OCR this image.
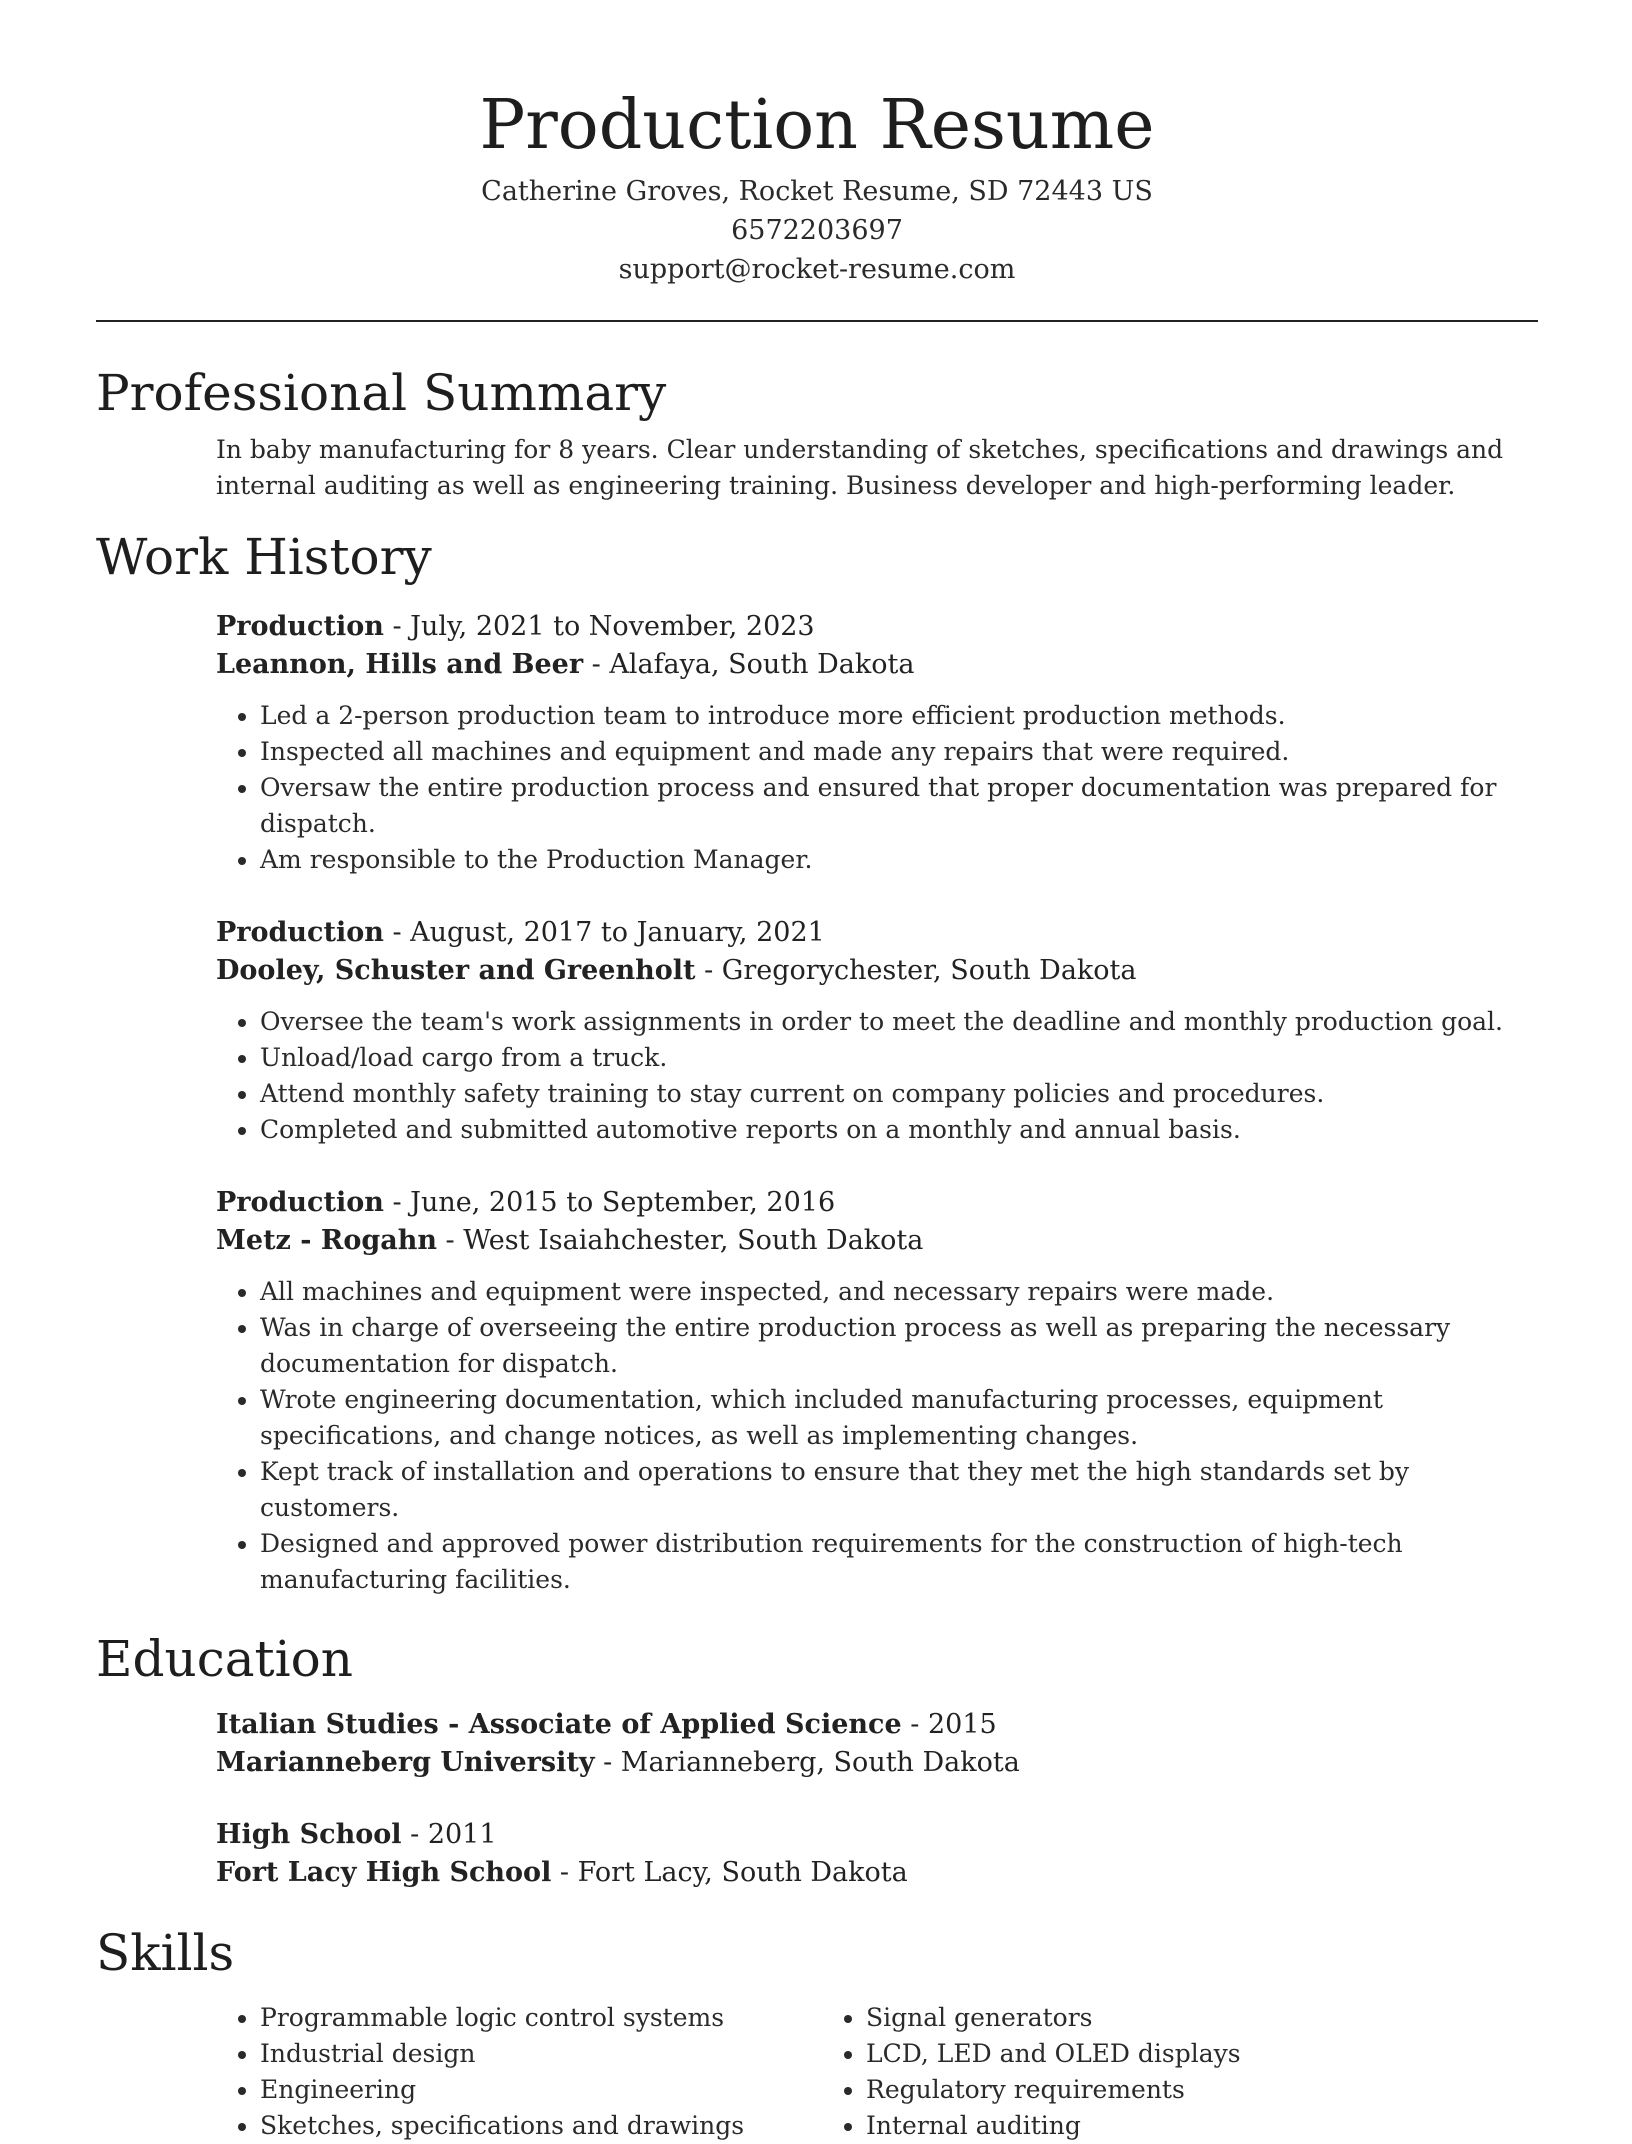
Production Resume
Catherine Groves, Rocket Resume, SD 72443 US
6572203697
support@rocket-resume.com
Professional Summary
In baby manufacturing for 8 years. Clear understanding of sketches, specifications and drawings and internal auditing as well as engineering training. Business developer and high-performing leader.
Work History
Production - July, 2021 to November, 2023
Leannon, Hills and Beer - Alafaya, South Dakota
• Led a 2-person production team to introduce more efficient production methods.
• Inspected all machines and equipment and made any repairs that were required.
• Oversaw the entire production process and ensured that proper documentation was prepared for dispatch.
• Am responsible to the Production Manager.
Production - August, 2017 to January, 2021
Dooley, Schuster and Greenholt - Gregorychester, South Dakota
• Oversee the team's work assignments in order to meet the deadline and monthly production goal.
• Unload/load cargo from a truck.
• Attend monthly safety training to stay current on company policies and procedures.
• Completed and submitted automotive reports on a monthly and annual basis.
Production - June, 2015 to September, 2016
Metz - Rogahn - West Isaiahchester, South Dakota
• All machines and equipment were inspected, and necessary repairs were made.
• Was in charge of overseeing the entire production process as well as preparing the necessary documentation for dispatch.
• Wrote engineering documentation, which included manufacturing processes, equipment specifications, and change notices, as well as implementing changes.
• Kept track of installation and operations to ensure that they met the high standards set by customers.
• Designed and approved power distribution requirements for the construction of high-tech manufacturing facilities.
Education
Italian Studies - Associate of Applied Science - 2015
Marianneberg University - Marianneberg, South Dakota
High School - 2011
Fort Lacy High School - Fort Lacy, South Dakota
Skills
• Programmable logic control systems
• Industrial design
• Engineering
• Sketches, specifications and drawings
• Signal generators
• LCD, LED and OLED displays
• Regulatory requirements
• Internal auditing
